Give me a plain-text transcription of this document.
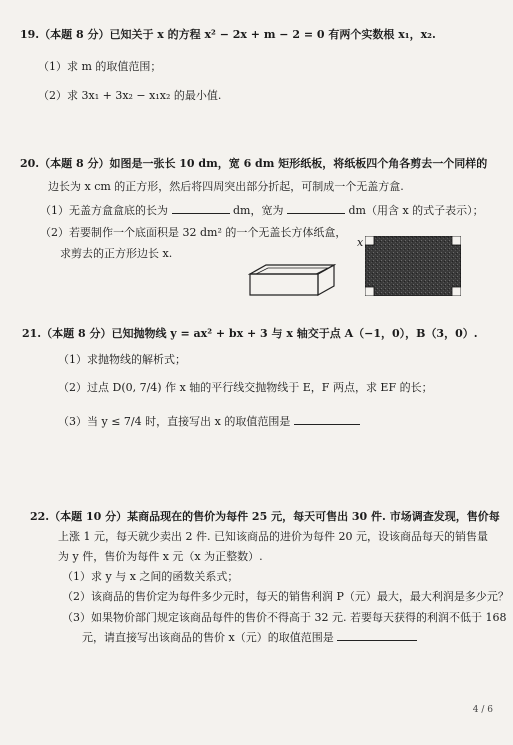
19.（本题 8 分）已知关于 x 的方程 x² − 2x + m − 2 = 0 有两个实数根 x₁，x₂.
（1）求 m 的取值范围；
（2）求 3x₁ + 3x₂ − x₁x₂ 的最小值.
20.（本题 8 分）如图是一张长 10 dm，宽 6 dm 矩形纸板，将纸板四个角各剪去一个同样的
边长为 x cm 的正方形，然后将四周突出部分折起，可制成一个无盖方盒.
（1）无盖方盒盒底的长为	dm，宽为	dm（用含 x 的式子表示）；
（2）若要制作一个底面积是 32 dm² 的一个无盖长方体纸盒，
求剪去的正方形边长 x.
x
21.（本题 8 分）已知抛物线 y = ax² + bx + 3 与 x 轴交于点 A（−1，0），B（3，0）.
（1）求抛物线的解析式；
（2）过点 D(0, 7/4) 作 x 轴的平行线交抛物线于 E，F 两点，求 EF 的长；
（3）当 y ≤ 7/4 时，直接写出 x 的取值范围是
22.（本题 10 分）某商品现在的售价为每件 25 元，每天可售出 30 件. 市场调查发现，售价每
上涨 1 元，每天就少卖出 2 件. 已知该商品的进价为每件 20 元，设该商品每天的销售量
为 y 件，售价为每件 x 元（x 为正整数）.
（1）求 y 与 x 之间的函数关系式；
（2）该商品的售价定为每件多少元时，每天的销售利润 P（元）最大，最大利润是多少元？
（3）如果物价部门规定该商品每件的售价不得高于 32 元. 若要每天获得的利润不低于 168
元，请直接写出该商品的售价 x（元）的取值范围是
4 / 6
